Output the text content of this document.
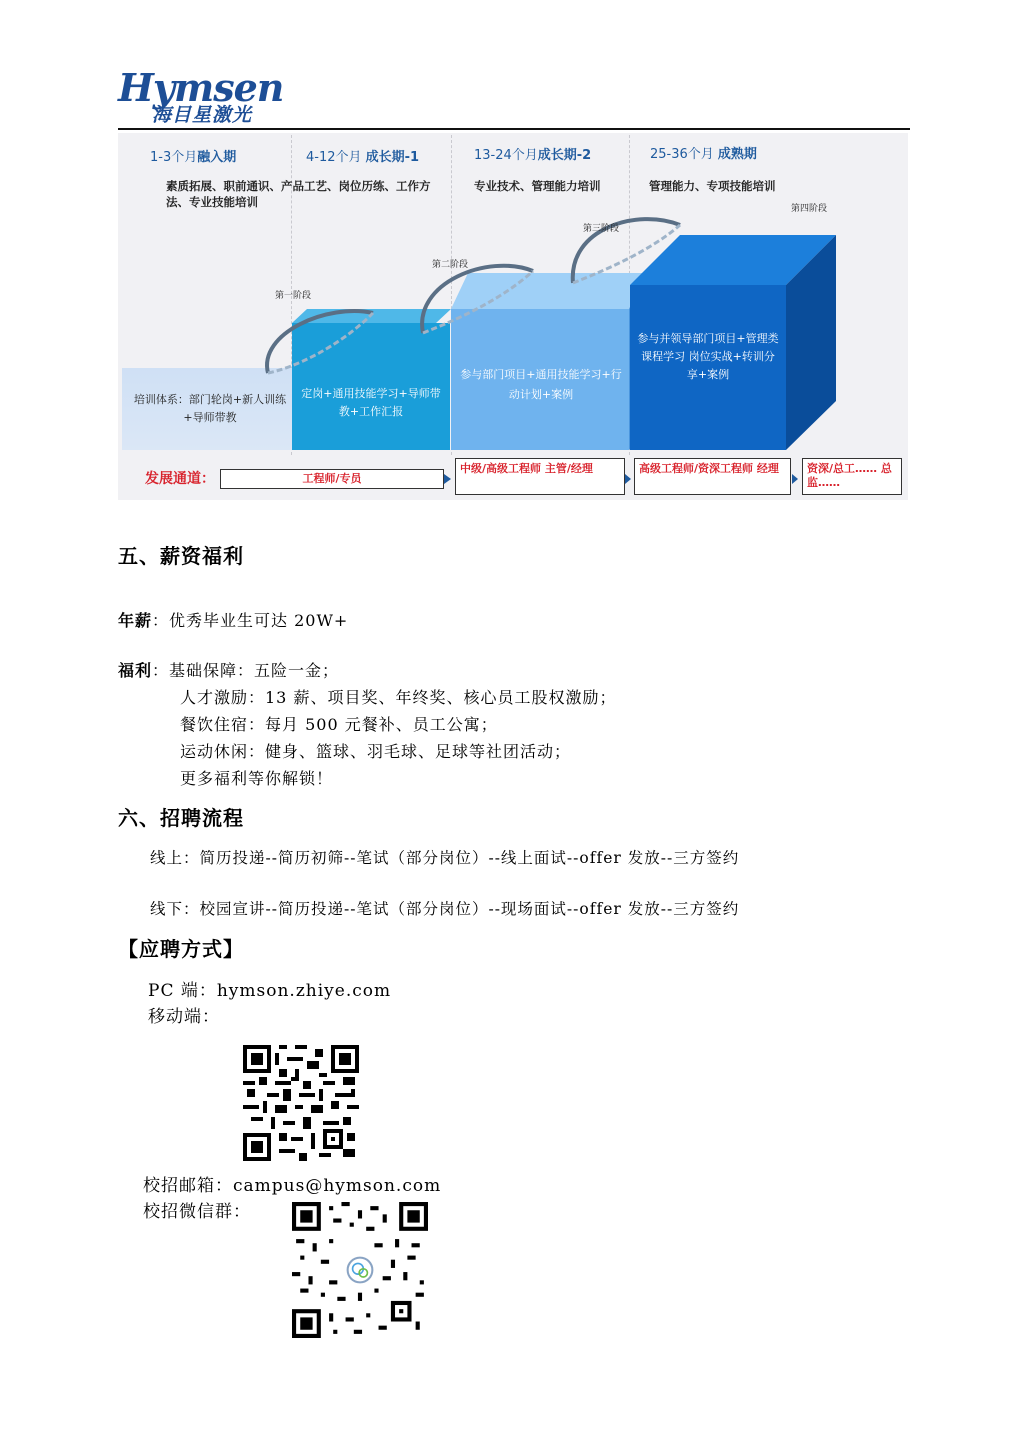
Hymsen
海目星激光
1-3个月融入期	4-12个月 成长期-1	13-24个月成长期-2	25-36个月 成熟期
素质拓展、职前通识、产品工艺、岗位历练、工作方法、专业技能培训
专业技术、管理能力培训	管理能力、专项技能培训
第一阶段
第二阶段
第三阶段
第四阶段
培训体系：部门轮岗+新人训练+导师带教
定岗+通用技能学习+导师带教+工作汇报
参与部门项目+通用技能学习+行动计划+案例
参与并领导部门项目+管理类课程学习 岗位实战+转训分享+案例
发展通道：	工程师/专员
中级/高级工程师 主管/经理	高级工程师/资深工程师 经理	资深/总工…… 总监……
五、薪资福利
年薪：优秀毕业生可达 20W+
福利：基础保障：五险一金；
人才激励：13 薪、项目奖、年终奖、核心员工股权激励；
餐饮住宿：每月 500 元餐补、员工公寓；
运动休闲：健身、篮球、羽毛球、足球等社团活动；
更多福利等你解锁！
六、招聘流程
线上：简历投递--简历初筛--笔试（部分岗位）--线上面试--offer 发放--三方签约
线下：校园宣讲--简历投递--笔试（部分岗位）--现场面试--offer 发放--三方签约
【应聘方式】
PC 端：hymson.zhiye.com
移动端：
校招邮箱：campus@hymson.com
校招微信群：
